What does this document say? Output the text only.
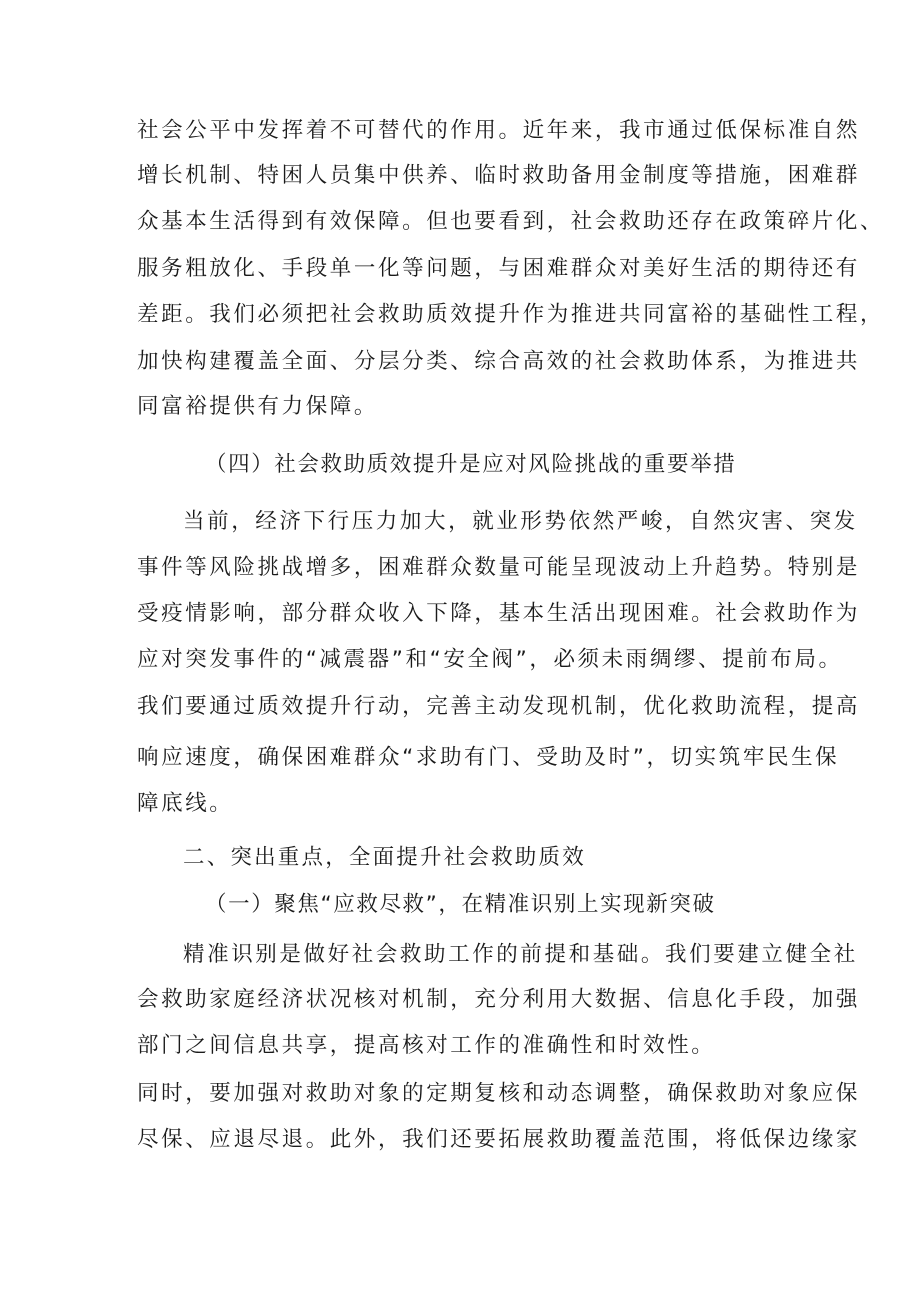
社会公平中发挥着不可替代的作用。近年来，我市通过低保标准自然
增长机制、特困人员集中供养、临时救助备用金制度等措施，困难群
众基本生活得到有效保障。但也要看到，社会救助还存在政策碎片化、
服务粗放化、手段单一化等问题，与困难群众对美好生活的期待还有
差距。我们必须把社会救助质效提升作为推进共同富裕的基础性工程，
加快构建覆盖全面、分层分类、综合高效的社会救助体系，为推进共
同富裕提供有力保障。
（四）社会救助质效提升是应对风险挑战的重要举措
当前，经济下行压力加大，就业形势依然严峻，自然灾害、突发
事件等风险挑战增多，困难群众数量可能呈现波动上升趋势。特别是
受疫情影响，部分群众收入下降，基本生活出现困难。社会救助作为
应对突发事件的“减震器”和“安全阀”，必须未雨绸缪、提前布局。
我们要通过质效提升行动，完善主动发现机制，优化救助流程，提高
响应速度，确保困难群众“求助有门、受助及时”，切实筑牢民生保
障底线。
二、突出重点，全面提升社会救助质效
（一）聚焦“应救尽救”，在精准识别上实现新突破
精准识别是做好社会救助工作的前提和基础。我们要建立健全社
会救助家庭经济状况核对机制，充分利用大数据、信息化手段，加强
部门之间信息共享，提高核对工作的准确性和时效性。
同时，要加强对救助对象的定期复核和动态调整，确保救助对象应保
尽保、应退尽退。此外，我们还要拓展救助覆盖范围，将低保边缘家
